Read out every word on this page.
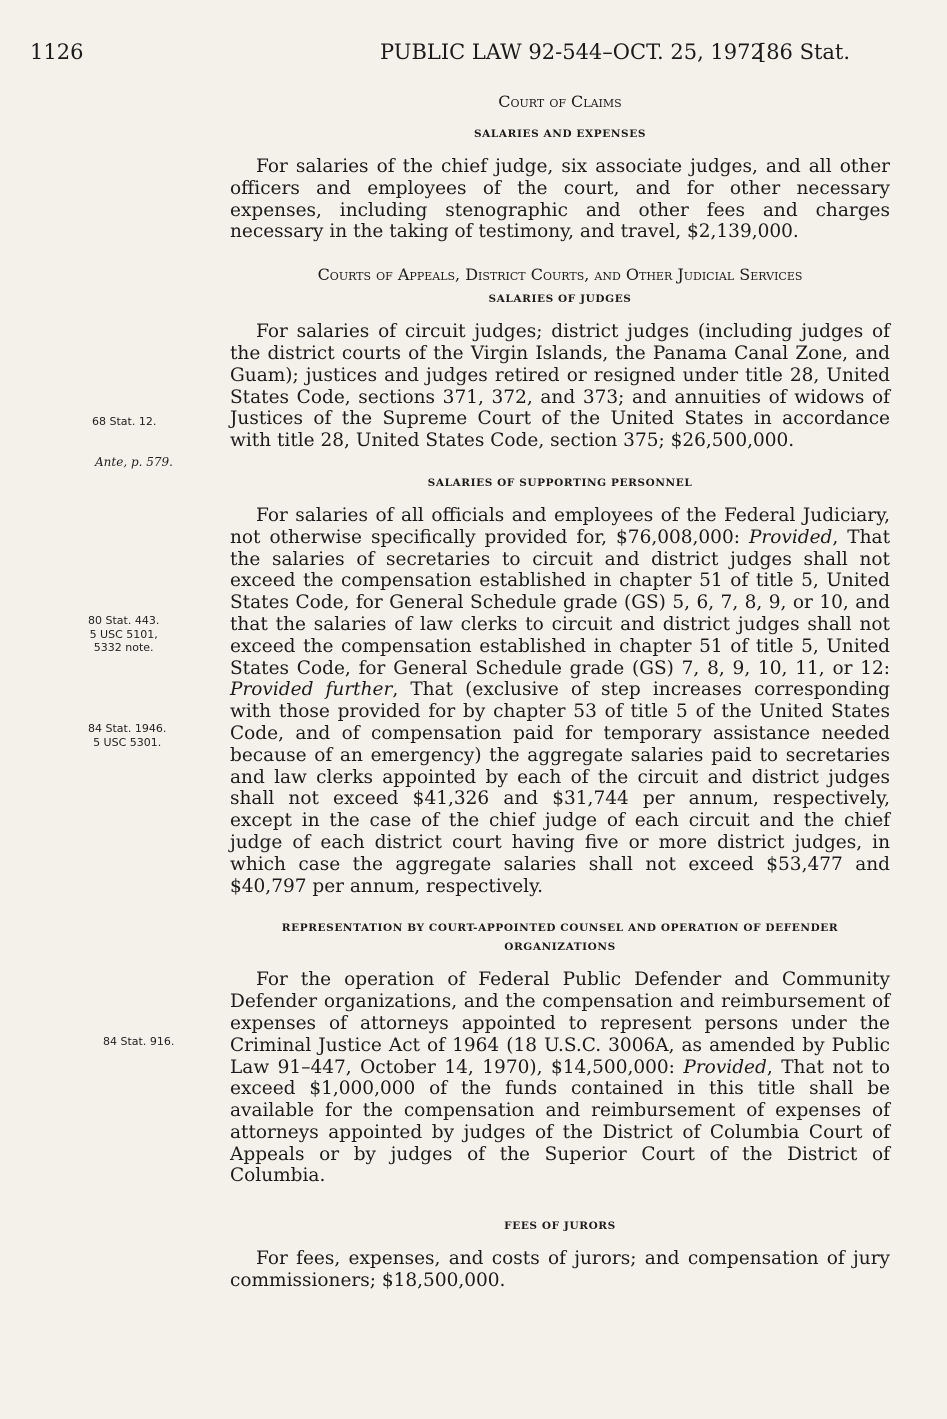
1126	PUBLIC LAW 92-544–OCT. 25, 1972
[86 Stat.
Court of Claims
SALARIES AND EXPENSES

For salaries of the chief judge, six associate judges, and all other officers and employees of the court, and for other necessary expenses, including stenographic and other fees and charges necessary in the taking of testimony, and travel, $2,139,000.

Courts of Appeals, District Courts, and Other Judicial Services
SALARIES OF JUDGES

For salaries of circuit judges; district judges (including judges of the district courts of the Virgin Islands, the Panama Canal Zone, and Guam); justices and judges retired or resigned under title 28, United States Code, sections 371, 372, and 373; and annuities of widows of Justices of the Supreme Court of the United States in accordance with title 28, United States Code, section 375; $26,500,000.

SALARIES OF SUPPORTING PERSONNEL

For salaries of all officials and employees of the Federal Judiciary, not otherwise specifically provided for, $76,008,000: Provided, That the salaries of secretaries to circuit and district judges shall not exceed the compensation established in chapter 51 of title 5, United States Code, for General Schedule grade (GS) 5, 6, 7, 8, 9, or 10, and that the salaries of law clerks to circuit and district judges shall not exceed the compensation established in chapter 51 of title 5, United States Code, for General Schedule grade (GS) 7, 8, 9, 10, 11, or 12: Provided further, That (exclusive of step increases corresponding with those provided for by chapter 53 of title 5 of the United States Code, and of compensation paid for temporary assistance needed because of an emergency) the aggregate salaries paid to secretaries and law clerks appointed by each of the circuit and district judges shall not exceed $41,326 and $31,744 per annum, respectively, except in the case of the chief judge of each circuit and the chief judge of each district court having five or more district judges, in which case the aggregate salaries shall not exceed $53,477 and $40,797 per annum, respectively.

REPRESENTATION BY COURT-APPOINTED COUNSEL AND OPERATION OF DEFENDER ORGANIZATIONS

For the operation of Federal Public Defender and Community Defender organizations, and the compensation and reimbursement of expenses of attorneys appointed to represent persons under the Criminal Justice Act of 1964 (18 U.S.C. 3006A, as amended by Public Law 91–447, October 14, 1970), $14,500,000: Provided, That not to exceed $1,000,000 of the funds contained in this title shall be available for the compensation and reimbursement of expenses of attorneys appointed by judges of the District of Columbia Court of Appeals or by judges of the Superior Court of the District of Columbia.

FEES OF JURORS

For fees, expenses, and costs of jurors; and compensation of jury commissioners; $18,500,000.

68 Stat. 12.
Ante, p. 579.
80 Stat. 443.
5 USC 5101,
5332 note.
84 Stat. 1946.
5 USC 5301.
84 Stat. 916.
